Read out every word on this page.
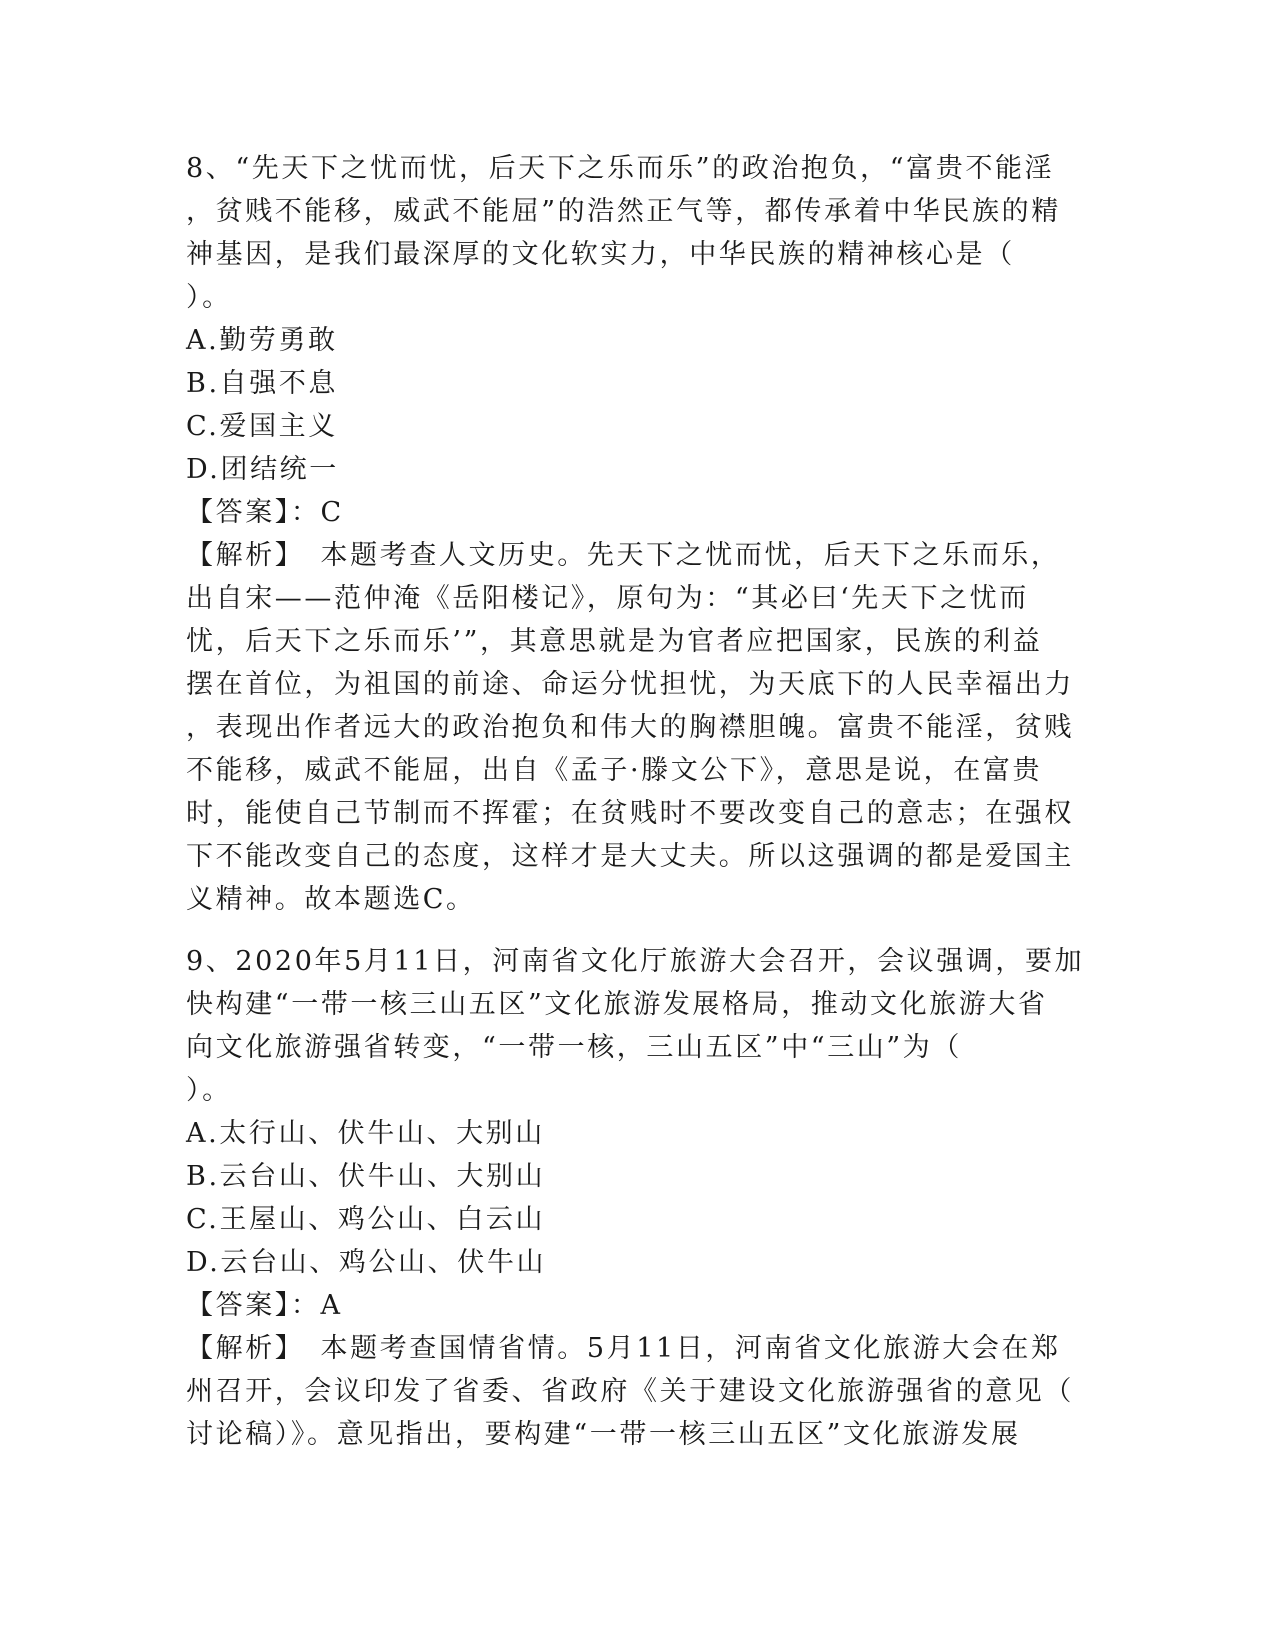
8、“先天下之忧而忧，后天下之乐而乐”的政治抱负，“富贵不能淫
，贫贱不能移，威武不能屈”的浩然正气等，都传承着中华民族的精
神基因，是我们最深厚的文化软实力，中华民族的精神核心是（
）。
A.勤劳勇敢
B.自强不息
C.爱国主义
D.团结统一
【答案】：C
【解析】　本题考查人文历史。先天下之忧而忧，后天下之乐而乐，
出自宋——范仲淹《岳阳楼记》，原句为：“其必曰‘先天下之忧而
忧，后天下之乐而乐’”，其意思就是为官者应把国家，民族的利益
摆在首位，为祖国的前途、命运分忧担忧，为天底下的人民幸福出力
，表现出作者远大的政治抱负和伟大的胸襟胆魄。富贵不能淫，贫贱
不能移，威武不能屈，出自《孟子·滕文公下》，意思是说，在富贵
时，能使自己节制而不挥霍；在贫贱时不要改变自己的意志；在强权
下不能改变自己的态度，这样才是大丈夫。所以这强调的都是爱国主
义精神。故本题选C。
9、2020年5月11日，河南省文化厅旅游大会召开，会议强调，要加
快构建“一带一核三山五区”文化旅游发展格局，推动文化旅游大省
向文化旅游强省转变，“一带一核，三山五区”中“三山”为（
）。
A.太行山、伏牛山、大别山
B.云台山、伏牛山、大别山
C.王屋山、鸡公山、白云山
D.云台山、鸡公山、伏牛山
【答案】：A
【解析】　本题考查国情省情。5月11日，河南省文化旅游大会在郑
州召开，会议印发了省委、省政府《关于建设文化旅游强省的意见（
讨论稿）》。意见指出，要构建“一带一核三山五区”文化旅游发展
